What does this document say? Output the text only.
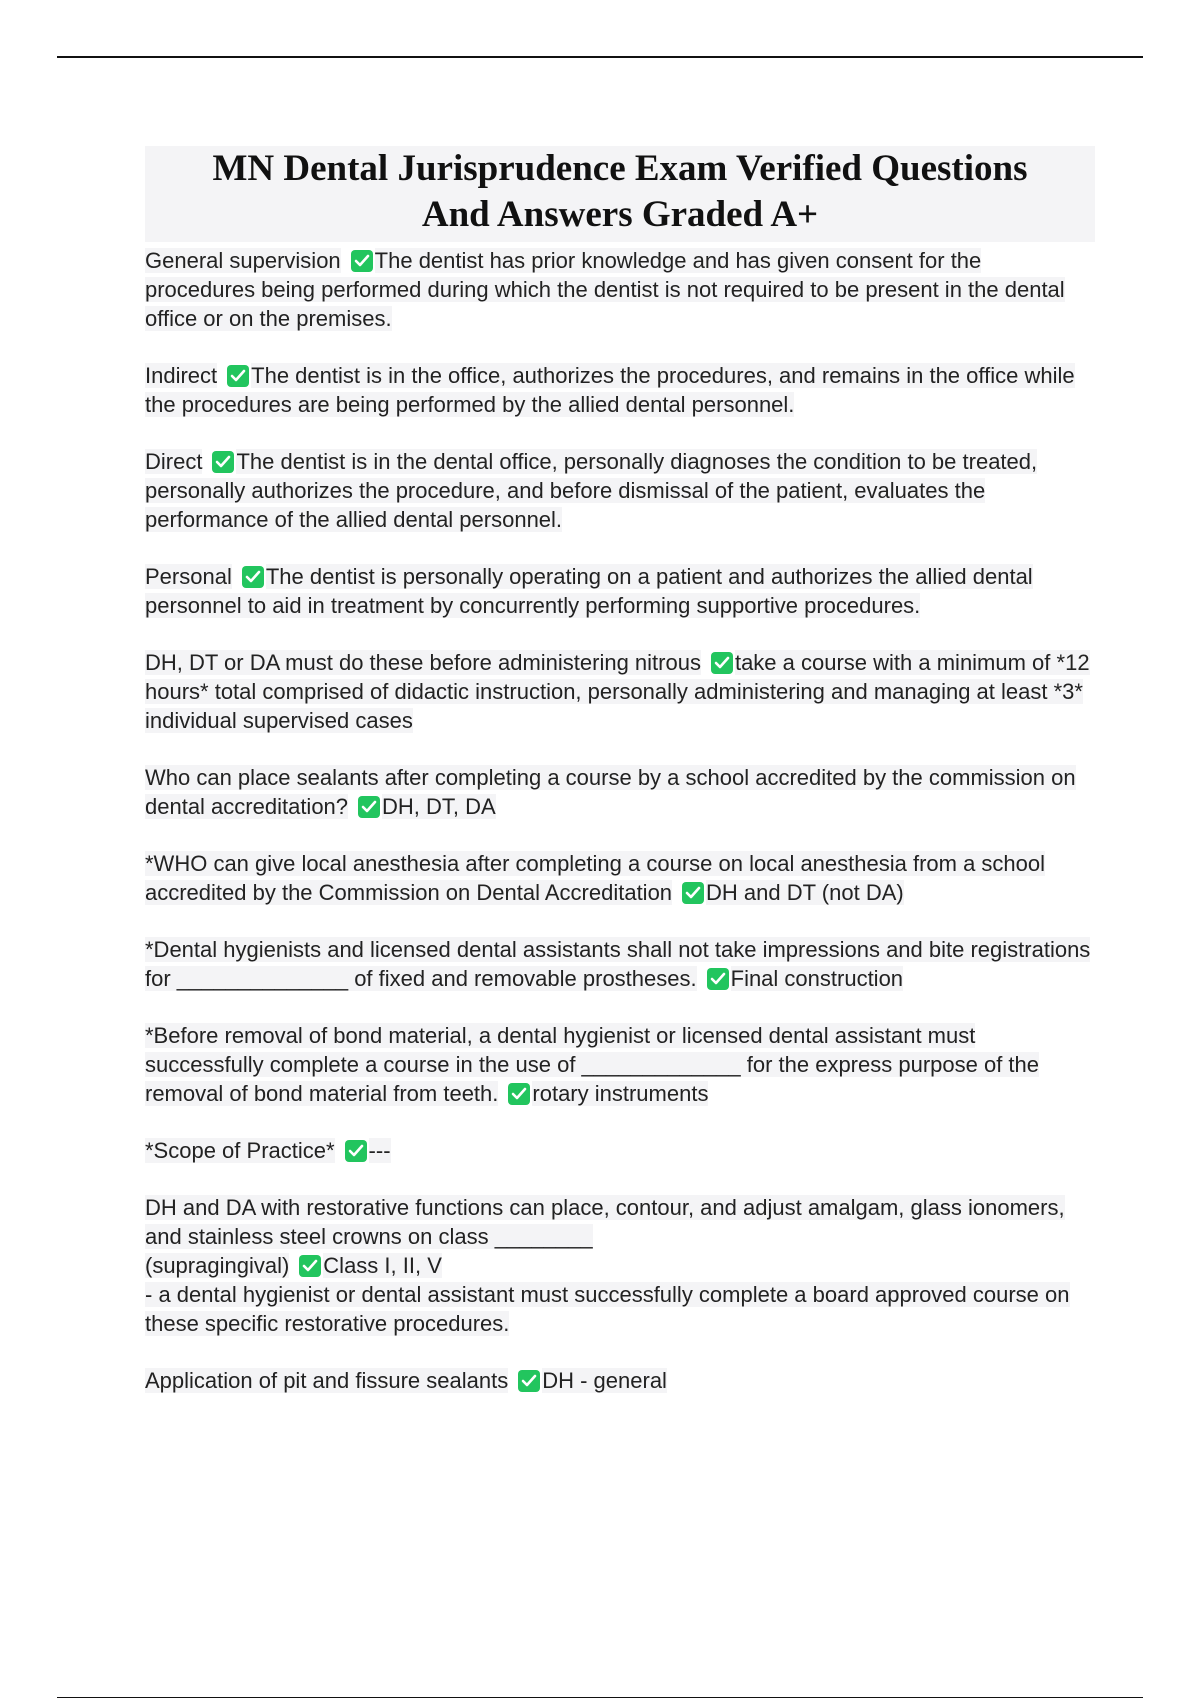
MN Dental Jurisprudence Exam Verified Questions
And Answers Graded A+
General supervision The dentist has prior knowledge and has given consent for the procedures being performed during which the dentist is not required to be present in the dental office or on the premises.
Indirect The dentist is in the office, authorizes the procedures, and remains in the office while the procedures are being performed by the allied dental personnel.
Direct The dentist is in the dental office, personally diagnoses the condition to be treated, personally authorizes the procedure, and before dismissal of the patient, evaluates the performance of the allied dental personnel.
Personal The dentist is personally operating on a patient and authorizes the allied dental personnel to aid in treatment by concurrently performing supportive procedures.
DH, DT or DA must do these before administering nitrous take a course with a minimum of *12 hours* total comprised of didactic instruction, personally administering and managing at least *3* individual supervised cases
Who can place sealants after completing a course by a school accredited by the commission on dental accreditation? DH, DT, DA
*WHO can give local anesthesia after completing a course on local anesthesia from a school accredited by the Commission on Dental Accreditation DH and DT (not DA)
*Dental hygienists and licensed dental assistants shall not take impressions and bite registrations for ______________ of fixed and removable prostheses. Final construction
*Before removal of bond material, a dental hygienist or licensed dental assistant must successfully complete a course in the use of _____________ for the express purpose of the removal of bond material from teeth. rotary instruments
*Scope of Practice* ---
DH and DA with restorative functions can place, contour, and adjust amalgam, glass ionomers, and stainless steel crowns on class ________
(supragingival) Class I, II, V
- a dental hygienist or dental assistant must successfully complete a board approved course on these specific restorative procedures.
Application of pit and fissure sealants DH - general
